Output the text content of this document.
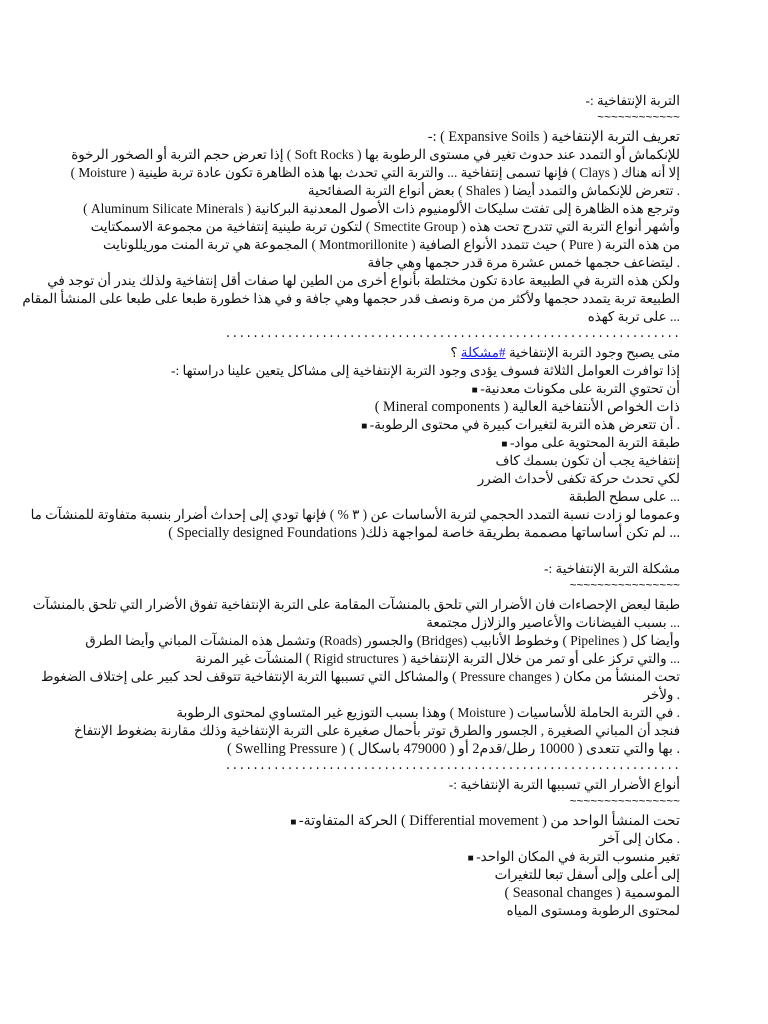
التربة الإنتفاخية :-
~~~~~~~~~~~~
تعريف التربة الإنتفاخية ( Expansive Soils ) :-
للإنكماش أو التمدد عند حدوث تغير في مستوى الرطوبة بها ( Soft Rocks ) إذا تعرض حجم التربة أو الصخور الرخوة
إلا أنه هناك ( Clays ) فإنها تسمى إنتفاخية ... والتربة التي تحدث بها هذه الظاهرة تكون عادة تربة طينية ( Moisture )
. تتعرض للإنكماش والتمدد أيضا ( Shales ) بعض أنواع التربة الصفائحية
وترجع هذه الظاهرة إلى تفتت سليكات الألومنيوم ذات الأصول المعدنية البركانية ( Aluminum Silicate Minerals )
وأشهر أنواع التربة التي تتدرج تحت هذه ( Smectite Group ) لتكون تربة طينية إنتفاخية من مجموعة الاسمكتايت
من هذه التربة ( Pure ) حيث تتمدد الأنواع الصافية ( Montmorillonite ) المجموعة هي تربة المنت موريللونايت
. ليتضاعف حجمها خمس عشرة مرة قدر حجمها وهي جافة
ولكن هذه التربة في الطبيعة عادة تكون مختلطة بأنواع أخرى من الطين لها صفات أقل إنتفاخية ولذلك يندر أن توجد في
الطبيعة تربة يتمدد حجمها ولأكثر من مرة ونصف قدر حجمها وهي جافة و في هذا خطورة طبعا على طبعا على المنشأ المقام
... على تربة كهذه
..................................................................
متى يصبح وجود التربة الإنتفاخية #مشكلة ؟
إذا توافرت العوامل الثلاثة فسوف يؤدى وجود التربة الإنتفاخية إلى مشاكل يتعين علينا دراستها :-
أن تحتوي التربة على مكونات معدنية- ■
ذات الخواص الأنتفاخية العالية ( Mineral components )
. أن تتعرض هذه التربة لتغيرات كبيرة في محتوى الرطوبة- ■
طبقة التربة المحتوية على مواد- ■
إنتفاخية يجب أن تكون بسمك كاف
لكي تحدث حركة تكفى لأحداث الضرر
... على سطح الطبقة
وعموما لو زادت نسبة التمدد الحجمي لتربة الأساسات عن ( ٣ % ) فإنها تودي إلى إحداث أضرار بنسبة متفاوتة للمنشآت ما
... لم تكن أساساتها مصممة بطريقة خاصة لمواجهة ذلك( Specially designed Foundations )
مشكلة التربة الإنتفاخية :-
~~~~~~~~~~~~~~~~
طبقا لبعض الإحصاءات فان الأضرار التي تلحق بالمنشآت المقامة على التربة الإنتفاخية تفوق الأضرار التي تلحق بالمنشآت
... بسبب الفيضانات والأعاصير والزلازل مجتمعة
وأيضا كل ( Pipelines ) وخطوط الأنابيب (Bridges) والجسور (Roads) وتشمل هذه المنشآت المباني وأيضا الطرق
... والتي تركز على أو تمر من خلال التربة الإنتفاخية ( Rigid structures ) المنشآت غير المرنة
تحت المنشأ من مكان ( Pressure changes ) والمشاكل التي تسببها التربة الإنتفاخية تتوقف لحد كبير على إختلاف الضغوط
. ولأخر
. في التربة الحاملة للأساسيات ( Moisture ) وهذا بسبب التوزيع غير المتساوي لمحتوى الرطوبة
فنجد أن المباني الصغيرة , الجسور والطرق توتر بأحمال صغيرة على التربة الإنتفاخية وذلك مقارنة بضغوط الإنتفاخ
. بها والتي تتعدى ( 10000 رطل/قدم2 أو ( 479000 باسكال ) ( Swelling Pressure )
..................................................................
أنواع الأضرار التي تسببها التربة الإنتفاخية :-
~~~~~~~~~~~~~~~~
تحت المنشأ الواحد من ( Differential movement ) الحركة المتفاوتة- ■
. مكان إلى آخر
تغير منسوب التربة في المكان الواحد- ■
إلى أعلى وإلى أسفل تبعا للتغيرات
الموسمية ( Seasonal changes )
لمحتوى الرطوبة ومستوى المياه
